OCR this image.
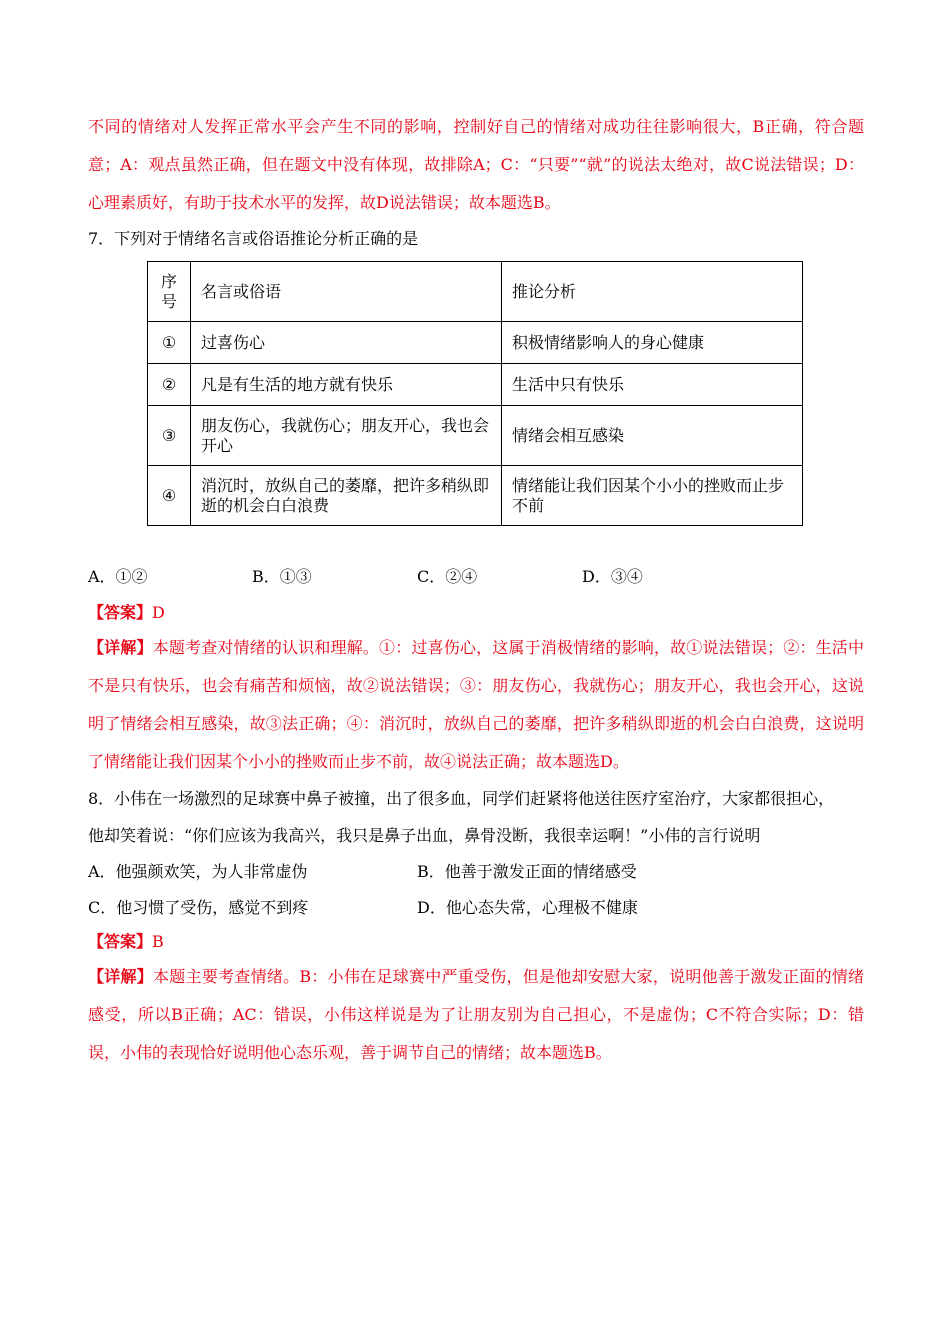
不同的情绪对人发挥正常水平会产生不同的影响，控制好自己的情绪对成功往往影响很大，B正确，符合题意；A：观点虽然正确，但在题文中没有体现，故排除A；C：“只要”“就”的说法太绝对，故C说法错误；D：心理素质好，有助于技术水平的发挥，故D说法错误；故本题选B。
7．下列对于情绪名言或俗语推论分析正确的是
序号	名言或俗语	推论分析
①	过喜伤心	积极情绪影响人的身心健康
②	凡是有生活的地方就有快乐	生活中只有快乐
③	朋友伤心，我就伤心；朋友开心，我也会开心	情绪会相互感染
④	消沉时，放纵自己的萎靡，把许多稍纵即逝的机会白白浪费	情绪能让我们因某个小小的挫败而止步不前
A．①②	B．①③	C．②④	D．③④
【答案】D
【详解】本题考查对情绪的认识和理解。①：过喜伤心，这属于消极情绪的影响，故①说法错误；②：生活中不是只有快乐，也会有痛苦和烦恼，故②说法错误；③：朋友伤心，我就伤心；朋友开心，我也会开心，这说明了情绪会相互感染，故③法正确；④：消沉时，放纵自己的萎靡，把许多稍纵即逝的机会白白浪费，这说明了情绪能让我们因某个小小的挫败而止步不前，故④说法正确；故本题选D。
8．小伟在一场激烈的足球赛中鼻子被撞，出了很多血，同学们赶紧将他送往医疗室治疗，大家都很担心，
他却笑着说：“你们应该为我高兴，我只是鼻子出血，鼻骨没断，我很幸运啊！”小伟的言行说明
A．他强颜欢笑，为人非常虚伪	B．他善于激发正面的情绪感受
C．他习惯了受伤，感觉不到疼	D．他心态失常，心理极不健康
【答案】B
【详解】本题主要考查情绪。B：小伟在足球赛中严重受伤，但是他却安慰大家，说明他善于激发正面的情绪感受，所以B正确；AC：错误，小伟这样说是为了让朋友别为自己担心，不是虚伪；C不符合实际；D：错误，小伟的表现恰好说明他心态乐观，善于调节自己的情绪；故本题选B。
